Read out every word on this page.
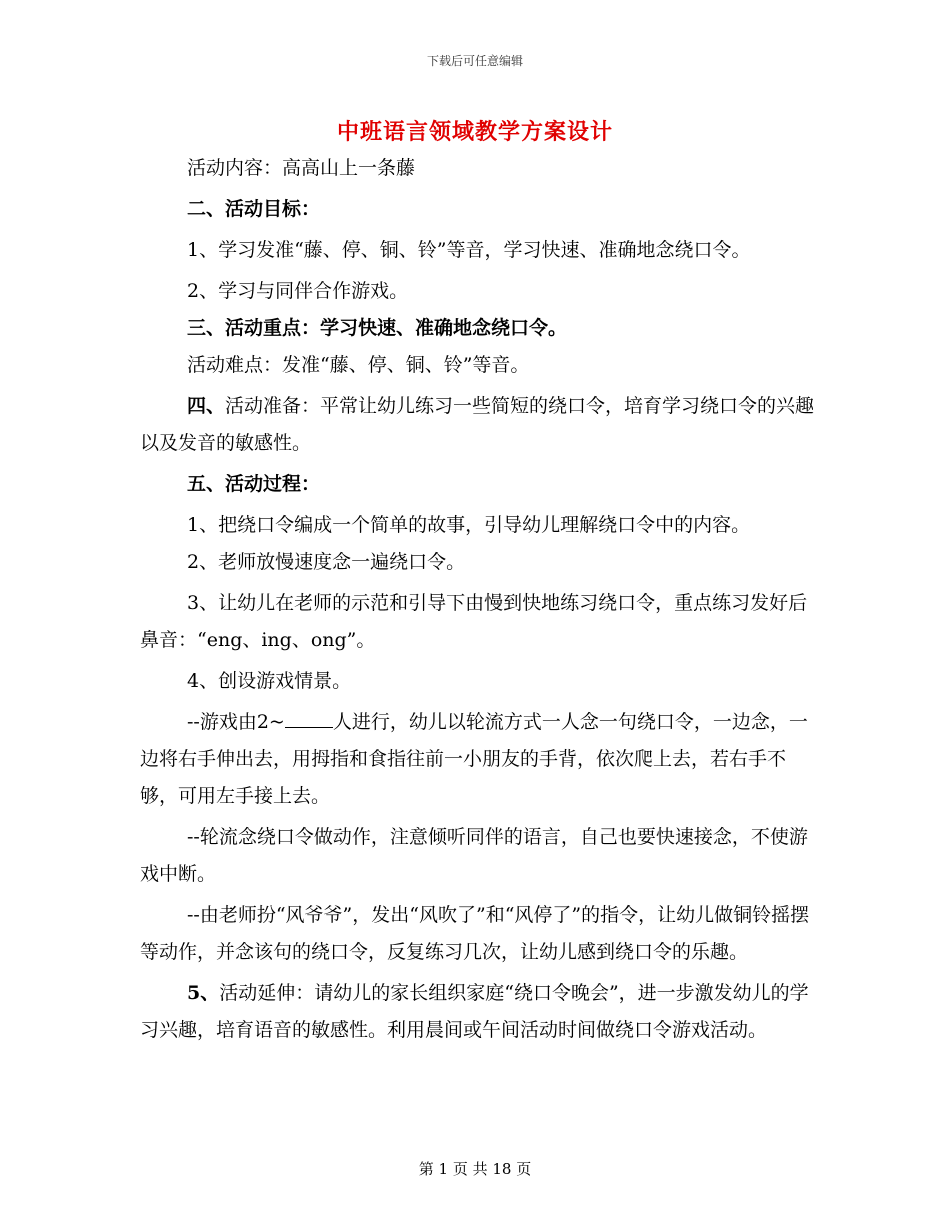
下载后可任意编辑
中班语言领域教学方案设计

活动内容：高高山上一条藤

二、活动目标：

1、学习发准“藤、停、铜、铃”等音，学习快速、准确地念绕口令。

2、学习与同伴合作游戏。

三、活动重点：学习快速、准确地念绕口令。

活动难点：发准“藤、停、铜、铃”等音。

四、活动准备：平常让幼儿练习一些简短的绕口令，培育学习绕口令的兴趣以及发音的敏感性。

五、活动过程：

1、把绕口令编成一个简单的故事，引导幼儿理解绕口令中的内容。

2、老师放慢速度念一遍绕口令。

3、让幼儿在老师的示范和引导下由慢到快地练习绕口令，重点练习发好后鼻音：“eng、ing、ong”。

4、创设游戏情景。

--游戏由2~	人进行，幼儿以轮流方式一人念一句绕口令，一边念，一边将右手伸出去，用拇指和食指往前一小朋友的手背，依次爬上去，若右手不够，可用左手接上去。

--轮流念绕口令做动作，注意倾听同伴的语言，自己也要快速接念，不使游戏中断。

--由老师扮“风爷爷”，发出“风吹了”和“风停了”的指令，让幼儿做铜铃摇摆等动作，并念该句的绕口令，反复练习几次，让幼儿感到绕口令的乐趣。

5、活动延伸：请幼儿的家长组织家庭“绕口令晚会”，进一步激发幼儿的学习兴趣，培育语音的敏感性。利用晨间或午间活动时间做绕口令游戏活动。

第 1 页 共 18 页
